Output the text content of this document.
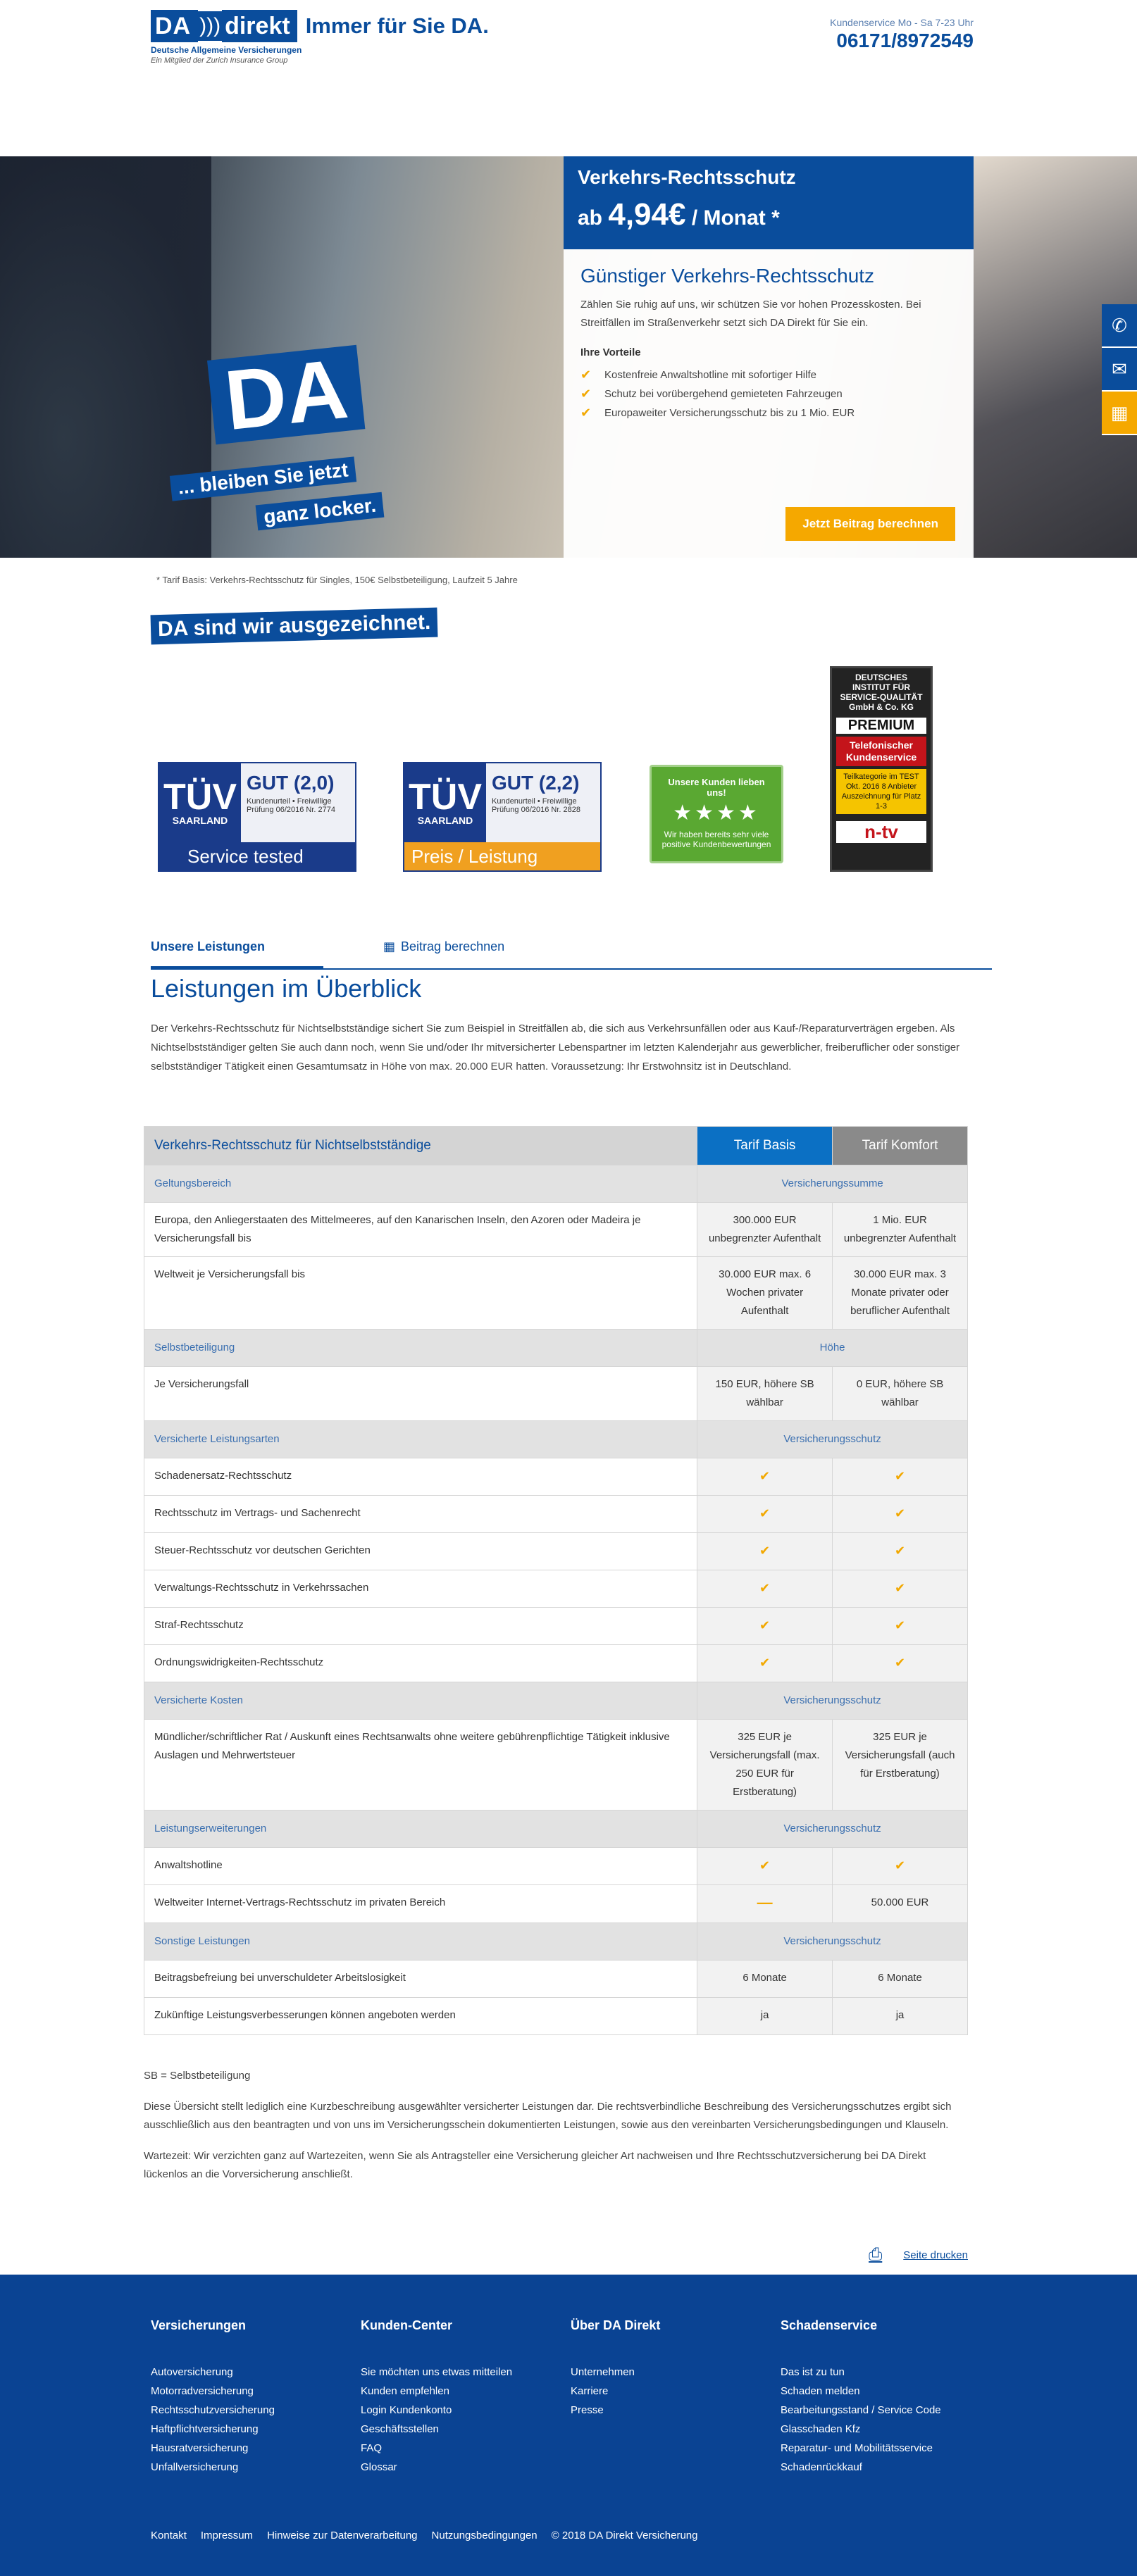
DA ))) direkt Immer für Sie DA.
Deutsche Allgemeine Versicherungen
Ein Mitglied der Zurich Insurance Group
Kundenservice Mo - Sa 7-23 Uhr
06171/8972549
DA
... bleiben Sie jetzt
ganz locker.
Verkehrs-Rechtsschutz
ab 4,94€ / Monat *
Günstiger Verkehrs-Rechtsschutz
Zählen Sie ruhig auf uns, wir schützen Sie vor hohen Prozesskosten. Bei Streitfällen im Straßenverkehr setzt sich DA Direkt für Sie ein.
Ihre Vorteile
✔	Kostenfreie Anwaltshotline mit sofortiger Hilfe
✔	Schutz bei vorübergehend gemieteten Fahrzeugen
✔	Europaweiter Versicherungsschutz bis zu 1 Mio. EUR
Jetzt Beitrag berechnen
✆
✉
▦
* Tarif Basis: Verkehrs-Rechtsschutz für Singles, 150€ Selbstbeteiligung, Laufzeit 5 Jahre
DA sind wir ausgezeichnet.
TÜV
SAARLAND
GUT (2,0)
Kundenurteil • Freiwillige Prüfung 06/2016 Nr. 2774
Service tested
TÜV
SAARLAND
GUT (2,2)
Kundenurteil • Freiwillige Prüfung 06/2016 Nr. 2828
Preis / Leistung
Unsere Kunden lieben uns!
★★★★
Wir haben bereits sehr viele positive Kundenbewertungen
DEUTSCHES INSTITUT FÜR SERVICE-QUALITÄT GmbH & Co. KG
PREMIUM
Telefonischer Kundenservice
Teilkategorie im TEST Okt. 2016 8 Anbieter Auszeichnung für Platz 1-3
n-tv
Unsere Leistungen	▦ Beitrag berechnen
Leistungen im Überblick
Der Verkehrs-Rechtsschutz für Nichtselbstständige sichert Sie zum Beispiel in Streitfällen ab, die sich aus Verkehrsunfällen oder aus Kauf-/Reparaturverträgen ergeben. Als Nichtselbstständiger gelten Sie auch dann noch, wenn Sie und/oder Ihr mitversicherter Lebenspartner im letzten Kalenderjahr aus gewerblicher, freiberuflicher oder sonstiger selbstständiger Tätigkeit einen Gesamtumsatz in Höhe von max. 20.000 EUR hatten. Voraussetzung: Ihr Erstwohnsitz ist in Deutschland.
Verkehrs-Rechtsschutz für Nichtselbstständige	Tarif Basis	Tarif Komfort
Geltungsbereich	Versicherungssumme	
Europa, den Anliegerstaaten des Mittelmeeres, auf den Kanarischen Inseln, den Azoren oder Madeira je Versicherungsfall bis	300.000 EUR unbegrenzter Aufenthalt	1 Mio. EUR unbegrenzter Aufenthalt
Weltweit je Versicherungsfall bis	30.000 EUR max. 6 Wochen privater Aufenthalt	30.000 EUR max. 3 Monate privater oder beruflicher Aufenthalt
Selbstbeteiligung	Höhe	
Je Versicherungsfall	150 EUR, höhere SB wählbar	0 EUR, höhere SB wählbar
Versicherte Leistungsarten	Versicherungsschutz	
Schadenersatz-Rechtsschutz	✔	✔
Rechtsschutz im Vertrags- und Sachenrecht	✔	✔
Steuer-Rechtsschutz vor deutschen Gerichten	✔	✔
Verwaltungs-Rechtsschutz in Verkehrssachen	✔	✔
Straf-Rechtsschutz	✔	✔
Ordnungswidrigkeiten-Rechtsschutz	✔	✔
Versicherte Kosten	Versicherungsschutz	
Mündlicher/schriftlicher Rat / Auskunft eines Rechtsanwalts ohne weitere gebührenpflichtige Tätigkeit inklusive Auslagen und Mehrwertsteuer	325 EUR je Versicherungsfall (max. 250 EUR für Erstberatung)	325 EUR je Versicherungsfall (auch für Erstberatung)
Leistungserweiterungen	Versicherungsschutz	
Anwaltshotline	✔	✔
Weltweiter Internet-Vertrags-Rechtsschutz im privaten Bereich	—	50.000 EUR
Sonstige Leistungen	Versicherungsschutz	
Beitragsbefreiung bei unverschuldeter Arbeitslosigkeit	6 Monate	6 Monate
Zukünftige Leistungsverbesserungen können angeboten werden	ja	ja

SB = Selbstbeteiligung

Diese Übersicht stellt lediglich eine Kurzbeschreibung ausgewählter versicherter Leistungen dar. Die rechtsverbindliche Beschreibung des Versicherungsschutzes ergibt sich ausschließlich aus den beantragten und von uns im Versicherungsschein dokumentierten Leistungen, sowie aus den vereinbarten Versicherungsbedingungen und Klauseln.

Wartezeit: Wir verzichten ganz auf Wartezeiten, wenn Sie als Antragsteller eine Versicherung gleicher Art nachweisen und Ihre Rechtsschutzversicherung bei DA Direkt lückenlos an die Vorversicherung anschließt.

⎙ Seite drucken
Versicherungen
Autoversicherung
Motorradversicherung
Rechtsschutzversicherung
Haftpflichtversicherung
Hausratversicherung
Unfallversicherung
Kunden-Center
Sie möchten uns etwas mitteilen
Kunden empfehlen
Login Kundenkonto
Geschäftsstellen
FAQ
Glossar
Über DA Direkt
Unternehmen
Karriere
Presse
Schadenservice
Das ist zu tun
Schaden melden
Bearbeitungsstand / Service Code
Glasschaden Kfz
Reparatur- und Mobilitätsservice
Schadenrückkauf
Kontakt Impressum Hinweise zur Datenverarbeitung Nutzungsbedingungen © 2018 DA Direkt Versicherung
